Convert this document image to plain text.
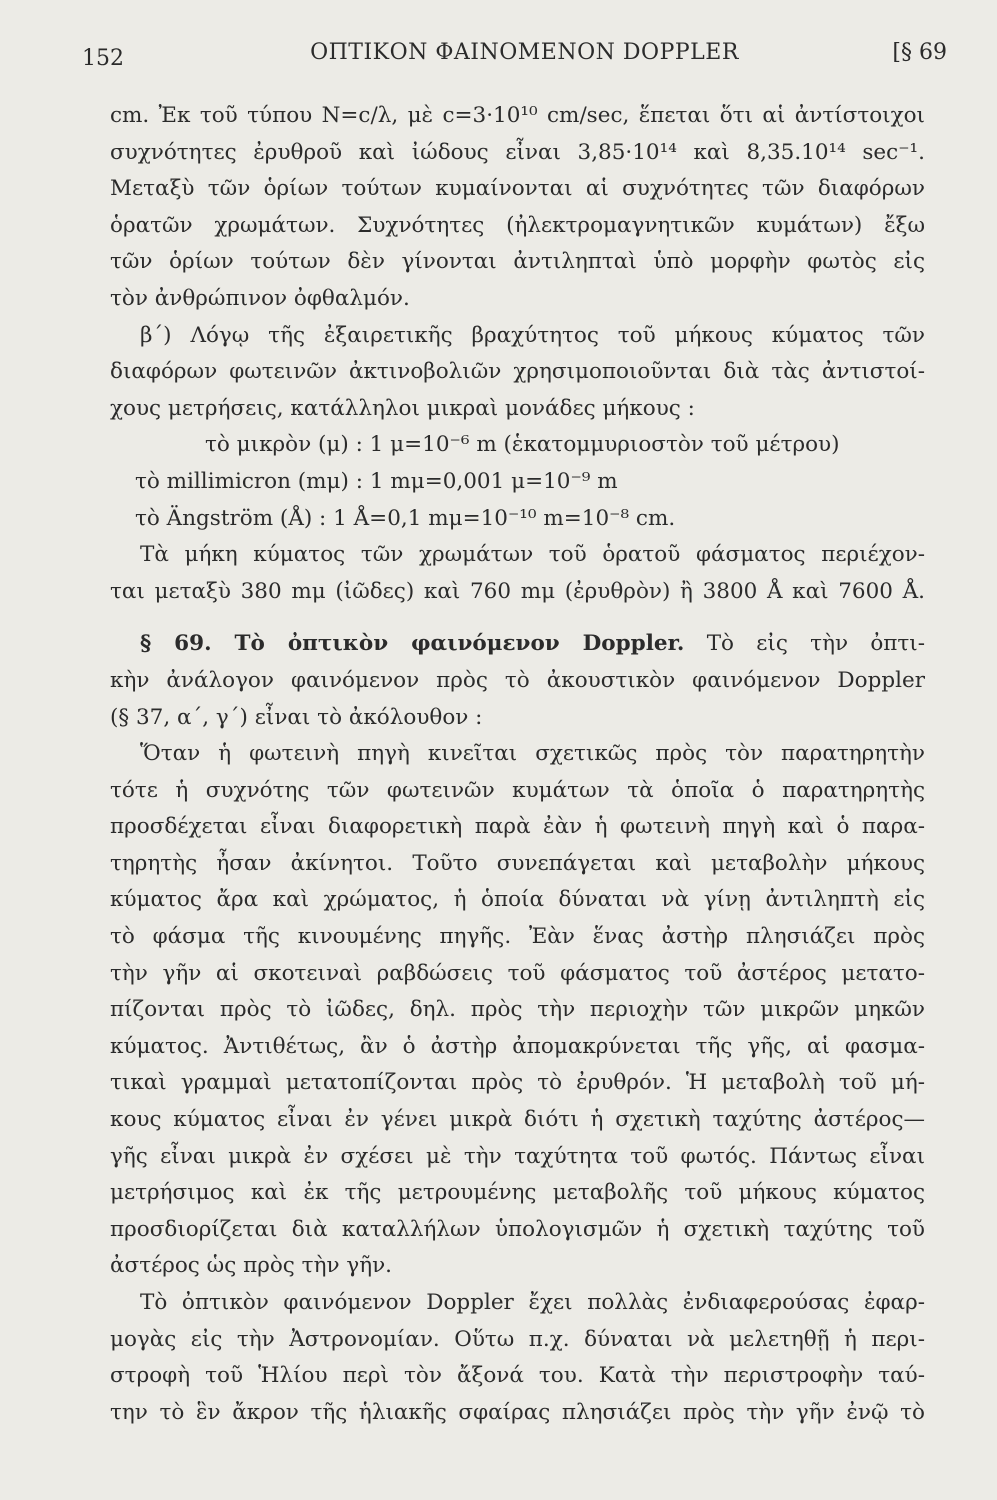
152	ΟΠΤΙΚΟΝ ΦΑΙΝΟΜΕΝΟΝ DOPPLER	[§ 69
cm. Ἐκ τοῦ τύπου N=c/λ, μὲ c=3·10¹⁰ cm/sec, ἕπεται ὅτι αἱ ἀντίστοιχοι
συχνότητες ἐρυθροῦ καὶ ἰώδους εἶναι 3,85·10¹⁴ καὶ 8,35.10¹⁴ sec⁻¹.
Μεταξὺ τῶν ὁρίων τούτων κυμαίνονται αἱ συχνότητες τῶν διαφόρων
ὁρατῶν χρωμάτων. Συχνότητες (ἠλεκτρομαγνητικῶν κυμάτων) ἔξω
τῶν ὁρίων τούτων δὲν γίνονται ἀντιληπταὶ ὑπὸ μορφὴν φωτὸς εἰς
τὸν ἀνθρώπινον ὀφθαλμόν.
β΄) Λόγῳ τῆς ἐξαιρετικῆς βραχύτητος τοῦ μήκους κύματος τῶν
διαφόρων φωτεινῶν ἀκτινοβολιῶν χρησιμοποιοῦνται διὰ τὰς ἀντιστοί-
χους μετρήσεις, κατάλληλοι μικραὶ μονάδες μήκους :
τὸ μικρὸν (μ) : 1 μ=10⁻⁶ m (ἑκατομμυριοστὸν τοῦ μέτρου)
τὸ millimicron (mμ) : 1 mμ=0,001 μ=10⁻⁹ m
τὸ Ängström (Å) : 1 Å=0,1 mμ=10⁻¹⁰ m=10⁻⁸ cm.
Τὰ μήκη κύματος τῶν χρωμάτων τοῦ ὁρατοῦ φάσματος περιέχον-
ται μεταξὺ 380 mμ (ἰῶδες) καὶ 760 mμ (ἐρυθρὸν) ἢ 3800 Å καὶ 7600 Å.
§ 69. Τὸ ὀπτικὸν φαινόμενον Doppler. Τὸ εἰς τὴν ὀπτι-
κὴν ἀνάλογον φαινόμενον πρὸς τὸ ἀκουστικὸν φαινόμενον Doppler
(§ 37, α΄, γ΄) εἶναι τὸ ἀκόλουθον :
Ὅταν ἡ φωτεινὴ πηγὴ κινεῖται σχετικῶς πρὸς τὸν παρατηρητὴν
τότε ἡ συχνότης τῶν φωτεινῶν κυμάτων τὰ ὁποῖα ὁ παρατηρητὴς
προσδέχεται εἶναι διαφορετικὴ παρὰ ἐὰν ἡ φωτεινὴ πηγὴ καὶ ὁ παρα-
τηρητὴς ἦσαν ἀκίνητοι. Τοῦτο συνεπάγεται καὶ μεταβολὴν μήκους
κύματος ἄρα καὶ χρώματος, ἡ ὁποία δύναται νὰ γίνῃ ἀντιληπτὴ εἰς
τὸ φάσμα τῆς κινουμένης πηγῆς. Ἐὰν ἕνας ἀστὴρ πλησιάζει πρὸς
τὴν γῆν αἱ σκοτειναὶ ραβδώσεις τοῦ φάσματος τοῦ ἀστέρος μετατο-
πίζονται πρὸς τὸ ἰῶδες, δηλ. πρὸς τὴν περιοχὴν τῶν μικρῶν μηκῶν
κύματος. Ἀντιθέτως, ἂν ὁ ἀστὴρ ἀπομακρύνεται τῆς γῆς, αἱ φασμα-
τικαὶ γραμμαὶ μετατοπίζονται πρὸς τὸ ἐρυθρόν. Ἡ μεταβολὴ τοῦ μή-
κους κύματος εἶναι ἐν γένει μικρὰ διότι ἡ σχετικὴ ταχύτης ἀστέρος—
γῆς εἶναι μικρὰ ἐν σχέσει μὲ τὴν ταχύτητα τοῦ φωτός. Πάντως εἶναι
μετρήσιμος καὶ ἐκ τῆς μετρουμένης μεταβολῆς τοῦ μήκους κύματος
προσδιορίζεται διὰ καταλλήλων ὑπολογισμῶν ἡ σχετικὴ ταχύτης τοῦ
ἀστέρος ὡς πρὸς τὴν γῆν.
Τὸ ὀπτικὸν φαινόμενον Doppler ἔχει πολλὰς ἐνδιαφερούσας ἐφαρ-
μογὰς εἰς τὴν Ἀστρονομίαν. Οὕτω π.χ. δύναται νὰ μελετηθῇ ἡ περι-
στροφὴ τοῦ Ἡλίου περὶ τὸν ἄξονά του. Κατὰ τὴν περιστροφὴν ταύ-
την τὸ ἓν ἄκρον τῆς ἡλιακῆς σφαίρας πλησιάζει πρὸς τὴν γῆν ἐνῷ τὸ
